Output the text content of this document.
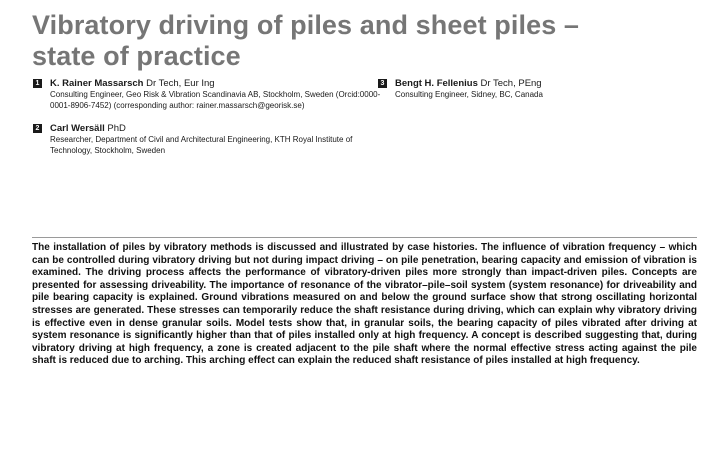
Vibratory driving of piles and sheet piles – state of practice
1 K. Rainer Massarsch Dr Tech, Eur Ing
Consulting Engineer, Geo Risk & Vibration Scandinavia AB, Stockholm, Sweden (Orcid:0000-0001-8906-7452) (corresponding author: rainer.massarsch@georisk.se)
2 Carl Wersäll PhD
Researcher, Department of Civil and Architectural Engineering, KTH Royal Institute of Technology, Stockholm, Sweden
3 Bengt H. Fellenius Dr Tech, PEng
Consulting Engineer, Sidney, BC, Canada

The installation of piles by vibratory methods is discussed and illustrated by case histories. The influence of vibration frequency – which can be controlled during vibratory driving but not during impact driving – on pile penetration, bearing capacity and emission of vibration is examined. The driving process affects the performance of vibratory-driven piles more strongly than impact-driven piles. Concepts are presented for assessing driveability. The importance of resonance of the vibrator–pile–soil system (system resonance) for driveability and pile bearing capacity is explained. Ground vibrations measured on and below the ground surface show that strong oscillating horizontal stresses are generated. These stresses can temporarily reduce the shaft resistance during driving, which can explain why vibratory driving is effective even in dense granular soils. Model tests show that, in granular soils, the bearing capacity of piles vibrated after driving at system resonance is significantly higher than that of piles installed only at high frequency. A concept is described suggesting that, during vibratory driving at high frequency, a zone is created adjacent to the pile shaft where the normal effective stress acting against the pile shaft is reduced due to arching. This arching effect can explain the reduced shaft resistance of piles installed at high frequency.
